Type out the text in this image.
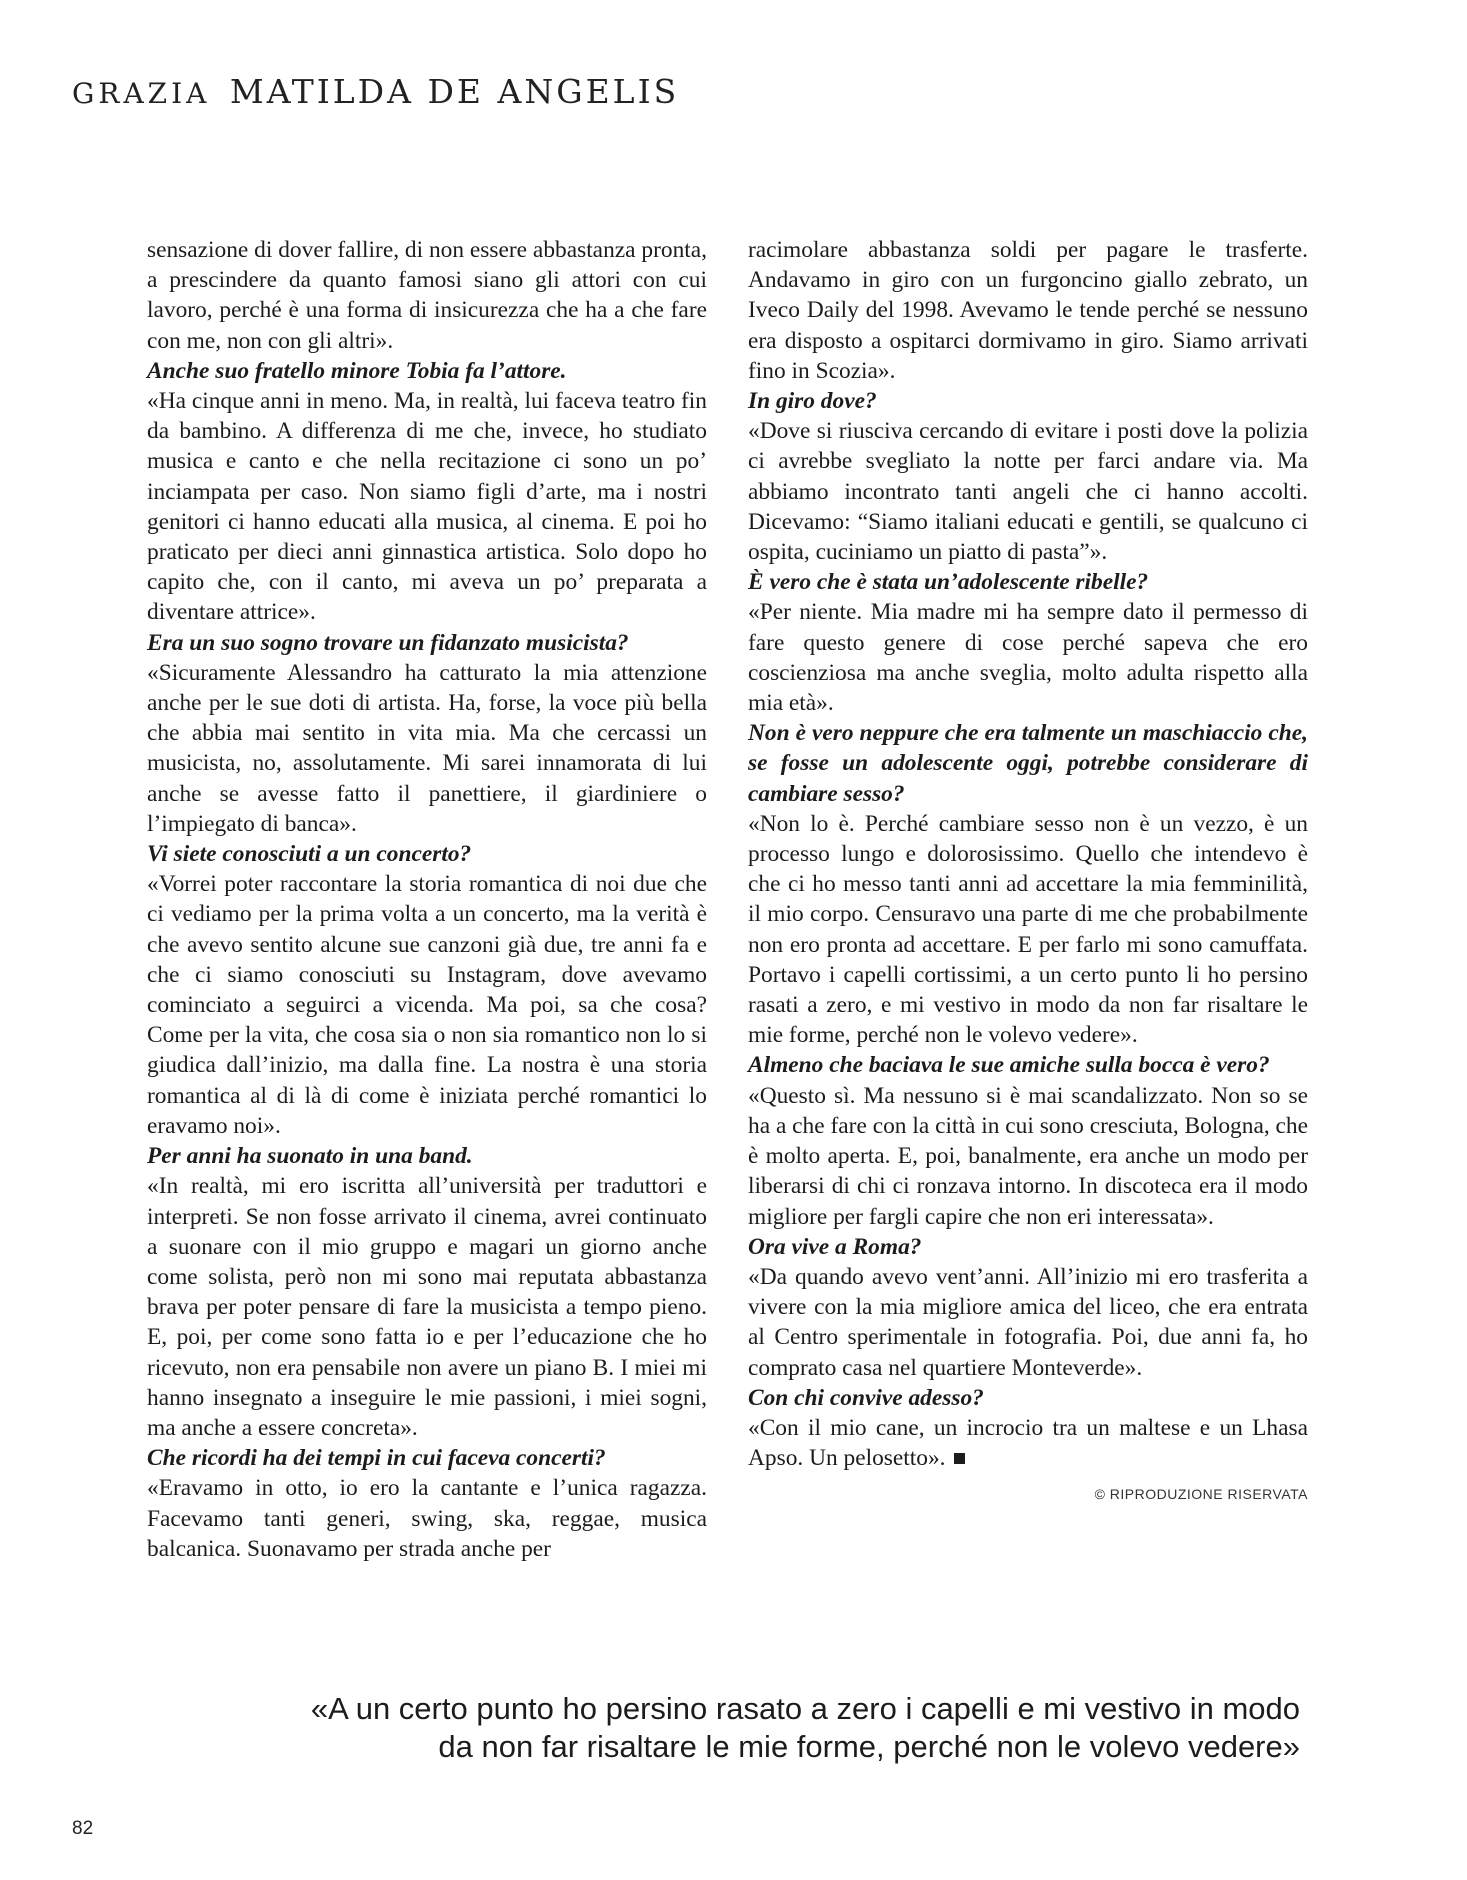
GRAZIA MATILDA DE ANGELIS

sensazione di dover fallire, di non essere abbastanza pronta, a prescindere da quanto famosi siano gli attori con cui lavoro, perché è una forma di insicurezza che ha a che fare con me, non con gli altri».

Anche suo fratello minore Tobia fa l’attore.

«Ha cinque anni in meno. Ma, in realtà, lui faceva teatro fin da bambino. A differenza di me che, invece, ho studiato musica e canto e che nella recitazione ci sono un po’ inciampata per caso. Non siamo figli d’arte, ma i nostri genitori ci hanno educati alla musica, al cinema. E poi ho praticato per dieci anni ginnastica artistica. Solo dopo ho capito che, con il canto, mi aveva un po’ preparata a diventare attrice».

Era un suo sogno trovare un fidanzato musicista?

«Sicuramente Alessandro ha catturato la mia attenzione anche per le sue doti di artista. Ha, forse, la voce più bella che abbia mai sentito in vita mia. Ma che cercassi un musicista, no, assolutamente. Mi sarei innamorata di lui anche se avesse fatto il panettiere, il giardiniere o l’impiegato di banca».

Vi siete conosciuti a un concerto?

«Vorrei poter raccontare la storia romantica di noi due che ci vediamo per la prima volta a un concerto, ma la verità è che avevo sentito alcune sue canzoni già due, tre anni fa e che ci siamo conosciuti su Instagram, dove avevamo cominciato a seguirci a vicenda. Ma poi, sa che cosa? Come per la vita, che cosa sia o non sia romantico non lo si giudica dall’inizio, ma dalla fine. La nostra è una storia romantica al di là di come è iniziata perché romantici lo eravamo noi».

Per anni ha suonato in una band.

«In realtà, mi ero iscritta all’università per traduttori e interpreti. Se non fosse arrivato il cinema, avrei continuato a suonare con il mio gruppo e magari un giorno anche come solista, però non mi sono mai reputata abbastanza brava per poter pensare di fare la musicista a tempo pieno. E, poi, per come sono fatta io e per l’educazione che ho ricevuto, non era pensabile non avere un piano B. I miei mi hanno insegnato a inseguire le mie passioni, i miei sogni, ma anche a essere concreta».

Che ricordi ha dei tempi in cui faceva concerti?

«Eravamo in otto, io ero la cantante e l’unica ragazza. Facevamo tanti generi, swing, ska, reggae, musica balcanica. Suonavamo per strada anche per

racimolare abbastanza soldi per pagare le trasferte. Andavamo in giro con un furgoncino giallo zebrato, un Iveco Daily del 1998. Avevamo le tende perché se nessuno era disposto a ospitarci dormivamo in giro. Siamo arrivati fino in Scozia».

In giro dove?

«Dove si riusciva cercando di evitare i posti dove la polizia ci avrebbe svegliato la notte per farci andare via. Ma abbiamo incontrato tanti angeli che ci hanno accolti. Dicevamo: “Siamo italiani educati e gentili, se qualcuno ci ospita, cuciniamo un piatto di pasta”».

È vero che è stata un’adolescente ribelle?

«Per niente. Mia madre mi ha sempre dato il permesso di fare questo genere di cose perché sapeva che ero coscienziosa ma anche sveglia, molto adulta rispetto alla mia età».

Non è vero neppure che era talmente un maschiaccio che, se fosse un adolescente oggi, potrebbe considerare di cambiare sesso?

«Non lo è. Perché cambiare sesso non è un vezzo, è un processo lungo e dolorosissimo. Quello che intendevo è che ci ho messo tanti anni ad accettare la mia femminilità, il mio corpo. Censuravo una parte di me che probabilmente non ero pronta ad accettare. E per farlo mi sono camuffata. Portavo i capelli cortissimi, a un certo punto li ho persino rasati a zero, e mi vestivo in modo da non far risaltare le mie forme, perché non le volevo vedere».

Almeno che baciava le sue amiche sulla bocca è vero?

«Questo sì. Ma nessuno si è mai scandalizzato. Non so se ha a che fare con la città in cui sono cresciuta, Bologna, che è molto aperta. E, poi, banalmente, era anche un modo per liberarsi di chi ci ronzava intorno. In discoteca era il modo migliore per fargli capire che non eri interessata».

Ora vive a Roma?

«Da quando avevo vent’anni. All’inizio mi ero trasferita a vivere con la mia migliore amica del liceo, che era entrata al Centro sperimentale in fotografia. Poi, due anni fa, ho comprato casa nel quartiere Monteverde».

Con chi convive adesso?

«Con il mio cane, un incrocio tra un maltese e un Lhasa Apso. Un pelosetto».

© RIPRODUZIONE RISERVATA
«A un certo punto ho persino rasato a zero i capelli e mi vestivo in modo
da non far risaltare le mie forme, perché non le volevo vedere»
82
